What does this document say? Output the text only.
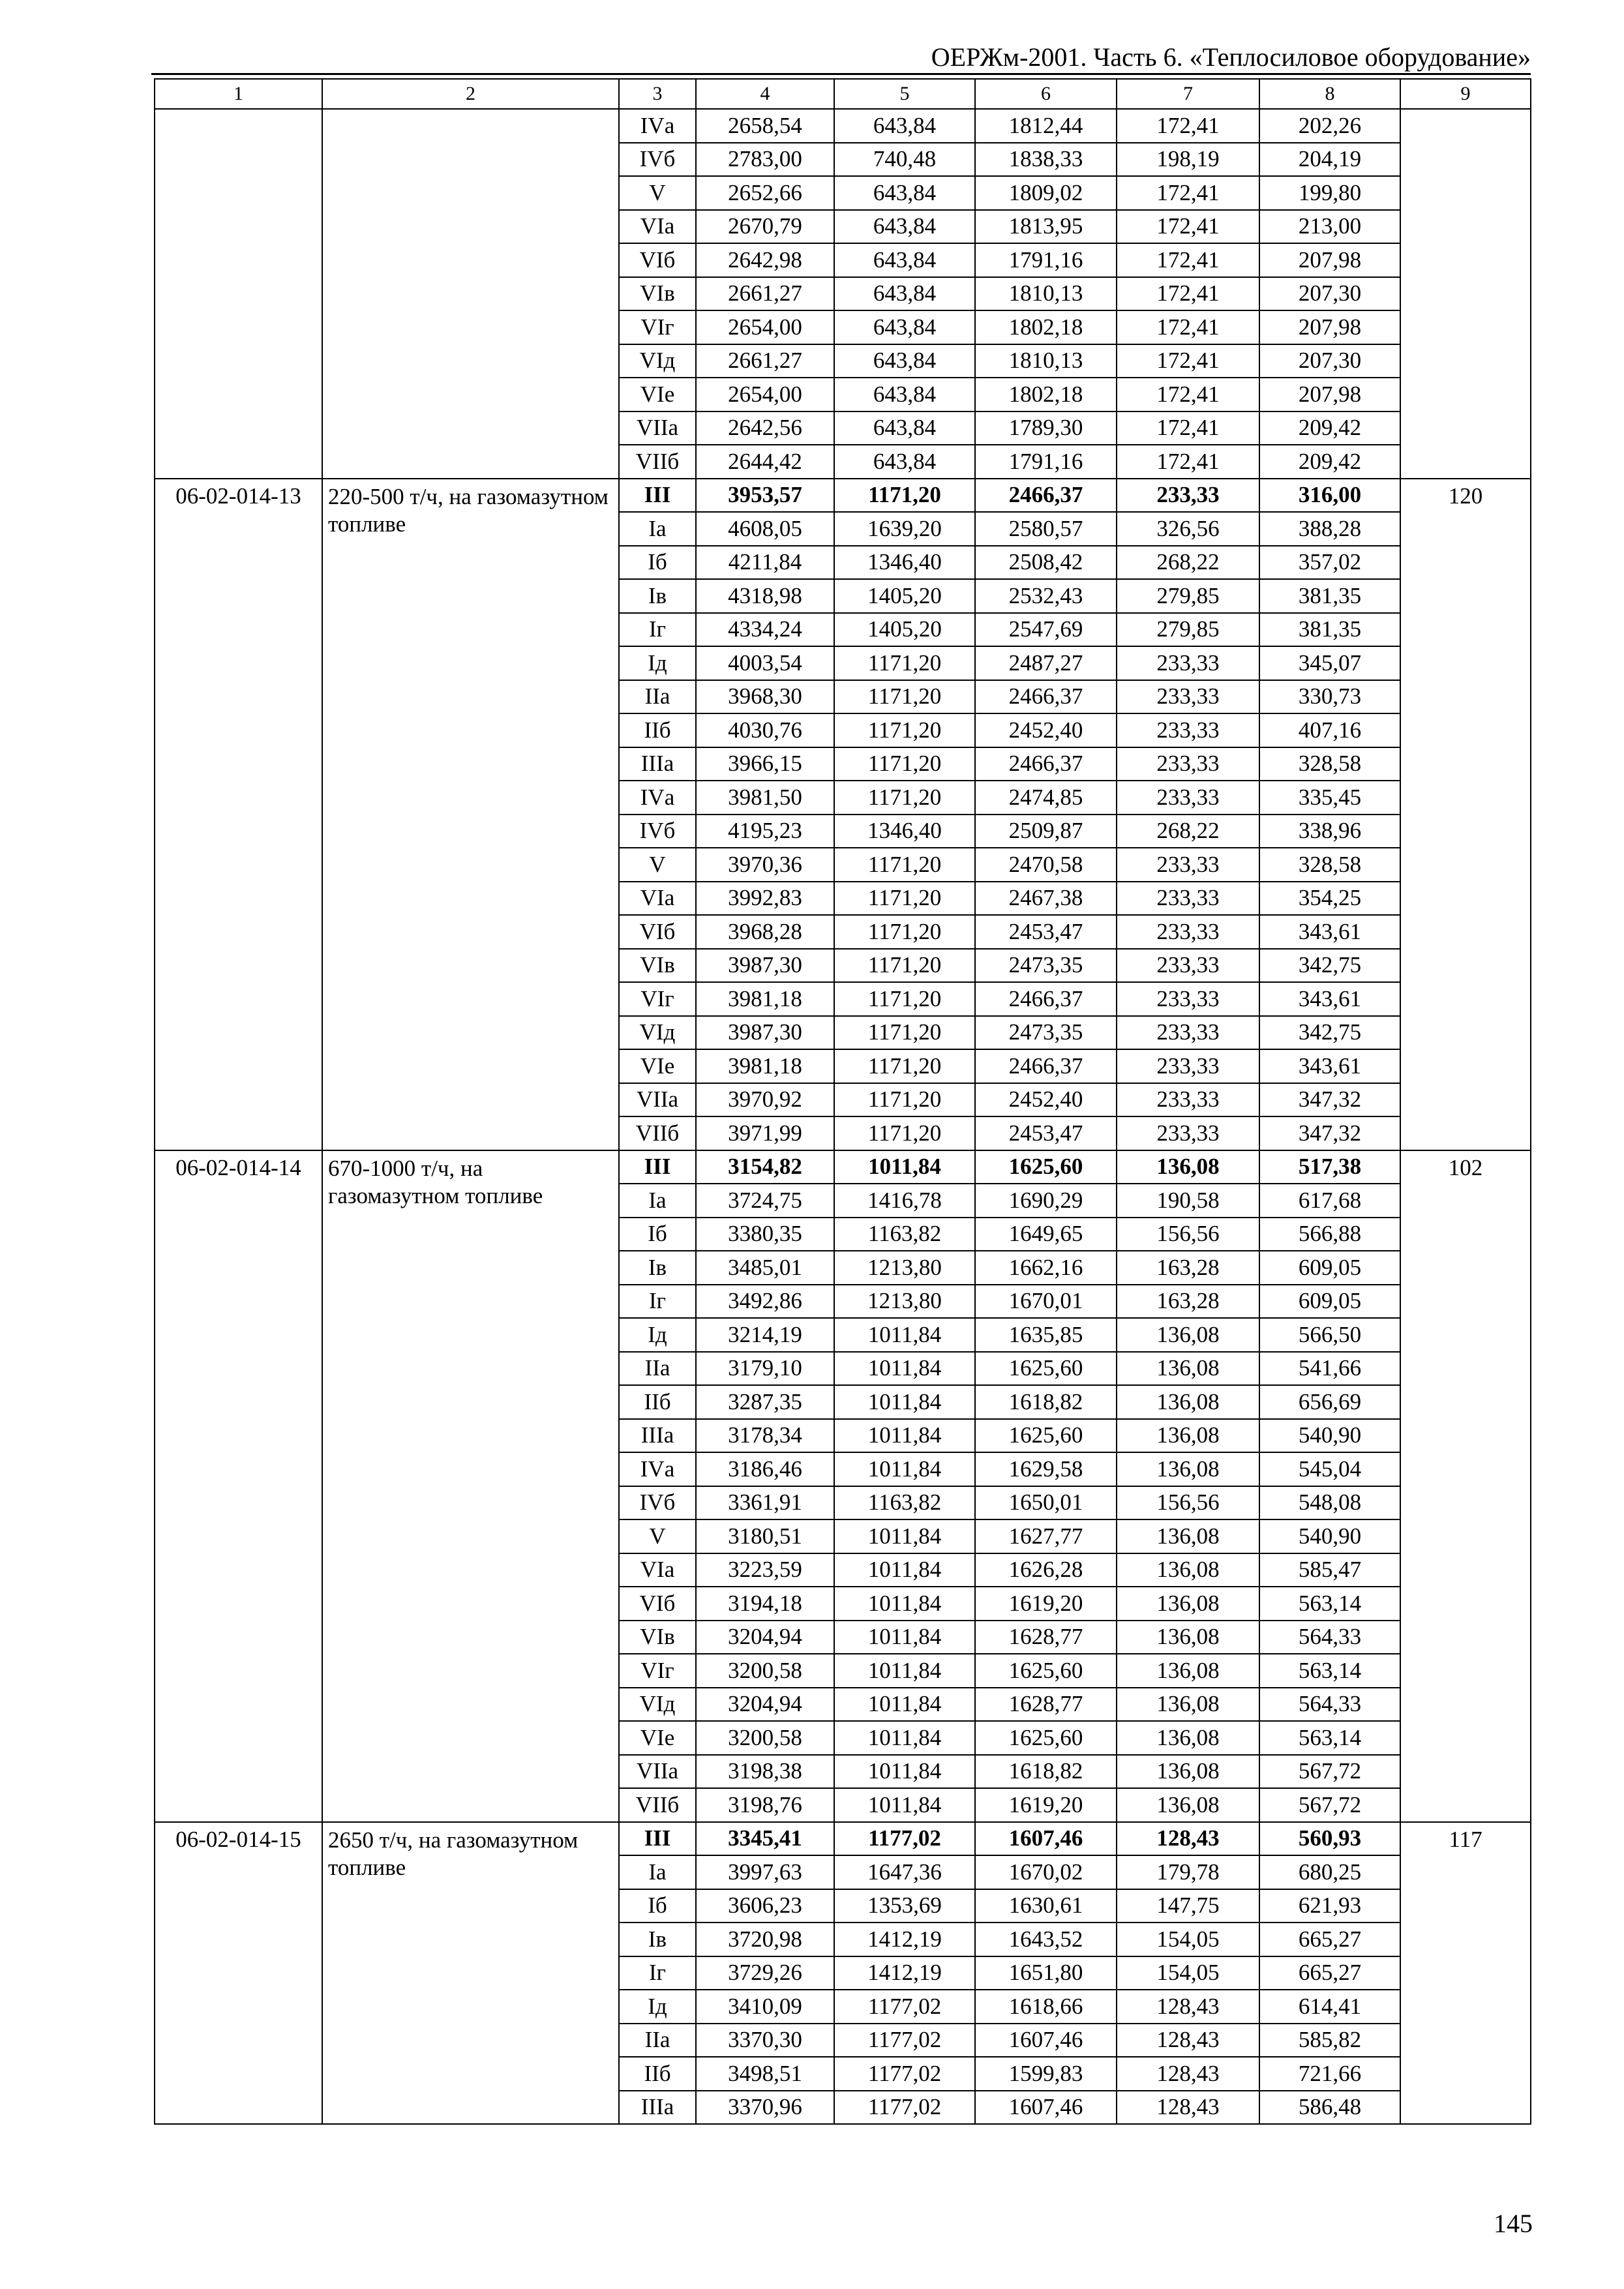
ОЕРЖм-2001. Часть 6. «Теплосиловое оборудование»
1	2	3	4	5	6	7	8	9
		IVа	2658,54	643,84	1812,44	172,41	202,26	
		IVб	2783,00	740,48	1838,33	198,19	204,19	
		V	2652,66	643,84	1809,02	172,41	199,80	
		VIа	2670,79	643,84	1813,95	172,41	213,00	
		VIб	2642,98	643,84	1791,16	172,41	207,98	
		VIв	2661,27	643,84	1810,13	172,41	207,30	
		VIг	2654,00	643,84	1802,18	172,41	207,98	
		VIд	2661,27	643,84	1810,13	172,41	207,30	
		VIе	2654,00	643,84	1802,18	172,41	207,98	
		VIIа	2642,56	643,84	1789,30	172,41	209,42	
		VIIб	2644,42	643,84	1791,16	172,41	209,42	
06-02-014-13	220-500 т/ч, на газомазутном топливе	III	3953,57	1171,20	2466,37	233,33	316,00	120
		Iа	4608,05	1639,20	2580,57	326,56	388,28	
		Iб	4211,84	1346,40	2508,42	268,22	357,02	
		Iв	4318,98	1405,20	2532,43	279,85	381,35	
		Iг	4334,24	1405,20	2547,69	279,85	381,35	
		Iд	4003,54	1171,20	2487,27	233,33	345,07	
		IIа	3968,30	1171,20	2466,37	233,33	330,73	
		IIб	4030,76	1171,20	2452,40	233,33	407,16	
		IIIа	3966,15	1171,20	2466,37	233,33	328,58	
		IVа	3981,50	1171,20	2474,85	233,33	335,45	
		IVб	4195,23	1346,40	2509,87	268,22	338,96	
		V	3970,36	1171,20	2470,58	233,33	328,58	
		VIа	3992,83	1171,20	2467,38	233,33	354,25	
		VIб	3968,28	1171,20	2453,47	233,33	343,61	
		VIв	3987,30	1171,20	2473,35	233,33	342,75	
		VIг	3981,18	1171,20	2466,37	233,33	343,61	
		VIд	3987,30	1171,20	2473,35	233,33	342,75	
		VIе	3981,18	1171,20	2466,37	233,33	343,61	
		VIIа	3970,92	1171,20	2452,40	233,33	347,32	
		VIIб	3971,99	1171,20	2453,47	233,33	347,32	
06-02-014-14	670-1000 т/ч, на газомазутном топливе	III	3154,82	1011,84	1625,60	136,08	517,38	102
		Iа	3724,75	1416,78	1690,29	190,58	617,68	
		Iб	3380,35	1163,82	1649,65	156,56	566,88	
		Iв	3485,01	1213,80	1662,16	163,28	609,05	
		Iг	3492,86	1213,80	1670,01	163,28	609,05	
		Iд	3214,19	1011,84	1635,85	136,08	566,50	
		IIа	3179,10	1011,84	1625,60	136,08	541,66	
		IIб	3287,35	1011,84	1618,82	136,08	656,69	
		IIIа	3178,34	1011,84	1625,60	136,08	540,90	
		IVа	3186,46	1011,84	1629,58	136,08	545,04	
		IVб	3361,91	1163,82	1650,01	156,56	548,08	
		V	3180,51	1011,84	1627,77	136,08	540,90	
		VIа	3223,59	1011,84	1626,28	136,08	585,47	
		VIб	3194,18	1011,84	1619,20	136,08	563,14	
		VIв	3204,94	1011,84	1628,77	136,08	564,33	
		VIг	3200,58	1011,84	1625,60	136,08	563,14	
		VIд	3204,94	1011,84	1628,77	136,08	564,33	
		VIе	3200,58	1011,84	1625,60	136,08	563,14	
		VIIа	3198,38	1011,84	1618,82	136,08	567,72	
		VIIб	3198,76	1011,84	1619,20	136,08	567,72	
06-02-014-15	2650 т/ч, на газомазутном топливе	III	3345,41	1177,02	1607,46	128,43	560,93	117
		Iа	3997,63	1647,36	1670,02	179,78	680,25	
		Iб	3606,23	1353,69	1630,61	147,75	621,93	
		Iв	3720,98	1412,19	1643,52	154,05	665,27	
		Iг	3729,26	1412,19	1651,80	154,05	665,27	
		Iд	3410,09	1177,02	1618,66	128,43	614,41	
		IIа	3370,30	1177,02	1607,46	128,43	585,82	
		IIб	3498,51	1177,02	1599,83	128,43	721,66	
		IIIа	3370,96	1177,02	1607,46	128,43	586,48	
145
